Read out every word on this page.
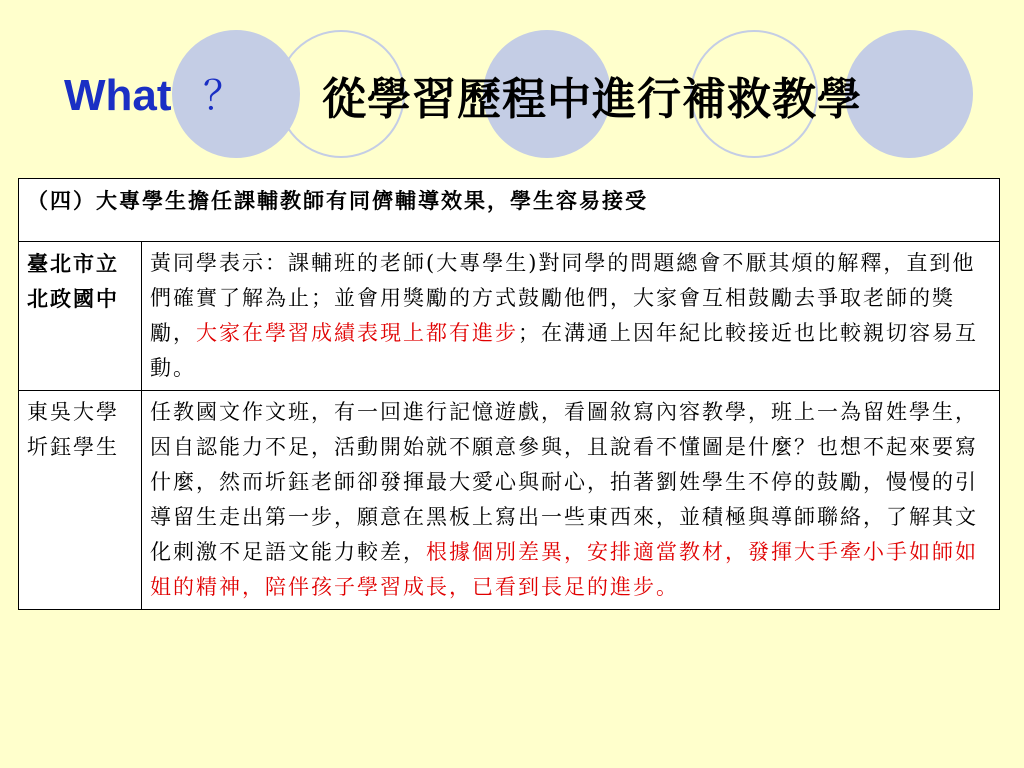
What ？ 從學習歷程中進行補救教學
（四）大專學生擔任課輔教師有同儕輔導效果，學生容易接受	
臺北市立北政國中	黃同學表示：課輔班的老師(大專學生)對同學的問題總會不厭其煩的解釋，直到他們確實了解為止；並會用獎勵的方式鼓勵他們，大家會互相鼓勵去爭取老師的獎勵，大家在學習成績表現上都有進步；在溝通上因年紀比較接近也比較親切容易互動。
東吳大學圻鈺學生	任教國文作文班，有一回進行記憶遊戲，看圖敘寫內容教學，班上一為留姓學生，因自認能力不足，活動開始就不願意參與，且說看不懂圖是什麼？也想不起來要寫什麼，然而圻鈺老師卻發揮最大愛心與耐心，拍著劉姓學生不停的鼓勵，慢慢的引導留生走出第一步，願意在黑板上寫出一些東西來，並積極與導師聯絡，了解其文化刺激不足語文能力較差，根據個別差異，安排適當教材，發揮大手牽小手如師如姐的精神，陪伴孩子學習成長，已看到長足的進步。
